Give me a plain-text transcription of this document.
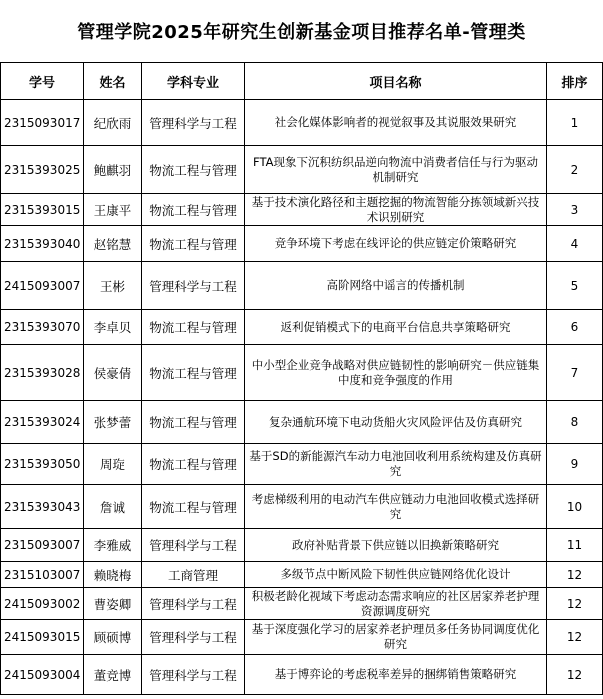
管理学院2025年研究生创新基金项目推荐名单-管理类
学号	姓名	学科专业	项目名称	排序
2315093017	纪欣雨	管理科学与工程	社会化媒体影响者的视觉叙事及其说服效果研究	1
2315393025	鲍麒羽	物流工程与管理	FTA现象下沉积纺织品逆向物流中消费者信任与行为驱动机制研究	2
2315393015	王康平	物流工程与管理	基于技术演化路径和主题挖掘的物流智能分拣领域新兴技术识别研究	3
2315393040	赵铭慧	物流工程与管理	竞争环境下考虑在线评论的供应链定价策略研究	4
2415093007	王彬	管理科学与工程	高阶网络中谣言的传播机制	5
2315393070	李卓贝	物流工程与管理	返利促销模式下的电商平台信息共享策略研究	6
2315393028	侯豪倩	物流工程与管理	中小型企业竞争战略对供应链韧性的影响研究－供应链集中度和竞争强度的作用	7
2315393024	张梦蕾	物流工程与管理	复杂通航环境下电动货船火灾风险评估及仿真研究	8
2315393050	周琁	物流工程与管理	基于SD的新能源汽车动力电池回收利用系统构建及仿真研究	9
2315393043	詹诚	物流工程与管理	考虑梯级利用的电动汽车供应链动力电池回收模式选择研究	10
2315093007	李雅威	管理科学与工程	政府补贴背景下供应链以旧换新策略研究	11
2315103007	赖晓梅	工商管理	多级节点中断风险下韧性供应链网络优化设计	12
2415093002	曹姿卿	管理科学与工程	积极老龄化视域下考虑动态需求响应的社区居家养老护理资源调度研究	12
2415093015	顾硕博	管理科学与工程	基于深度强化学习的居家养老护理员多任务协同调度优化研究	12
2415093004	董竞博	管理科学与工程	基于博弈论的考虑税率差异的捆绑销售策略研究	12
